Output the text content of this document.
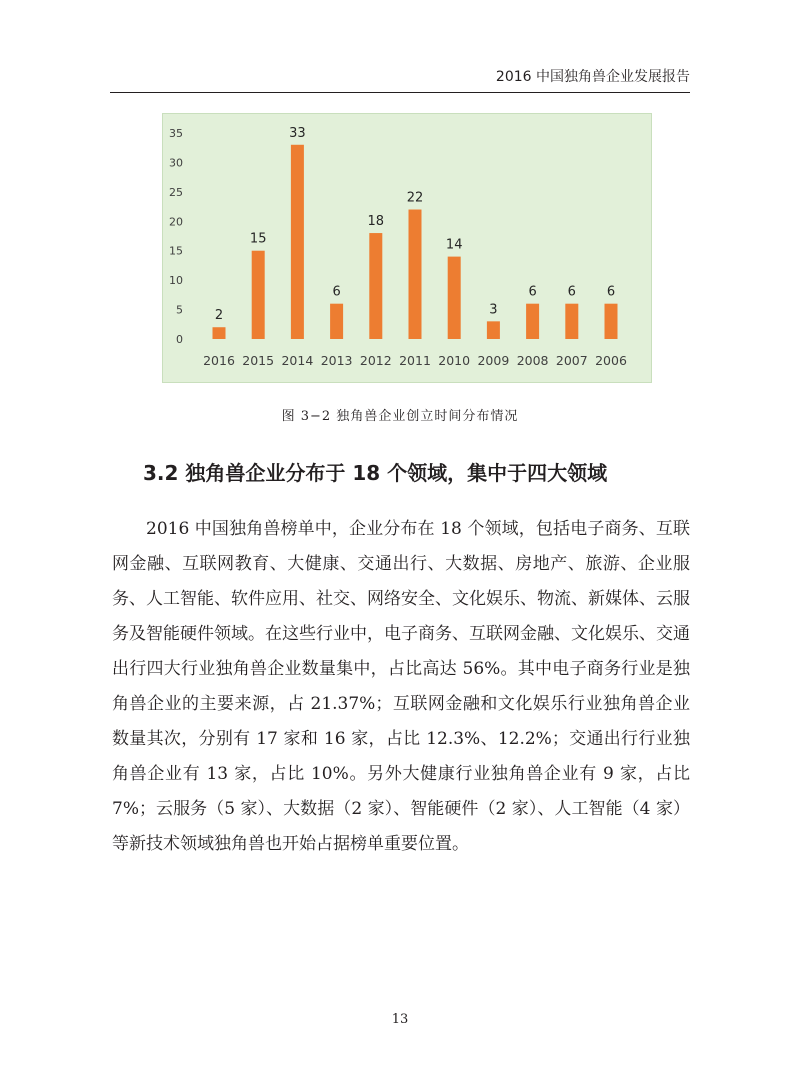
2016 中国独角兽企业发展报告
0
5
10
15
20
25
30
35
2
15
33
6
18
22
14
3
6 6 6
2016 2015 2014 2013 2012 2011 2010 2009 2008 2007 2006
图 3−2 独角兽企业创立时间分布情况
3.2 独角兽企业分布于 18 个领域，集中于四大领域

2016 中国独角兽榜单中，企业分布在 18 个领域，包括电子商务、互联网金融、互联网教育、大健康、交通出行、大数据、房地产、旅游、企业服务、人工智能、软件应用、社交、网络安全、文化娱乐、物流、新媒体、云服务及智能硬件领域。在这些行业中，电子商务、互联网金融、文化娱乐、交通出行四大行业独角兽企业数量集中，占比高达 56%。其中电子商务行业是独角兽企业的主要来源，占 21.37%；互联网金融和文化娱乐行业独角兽企业数量其次，分别有 17 家和 16 家，占比 12.3%、12.2%；交通出行行业独角兽企业有 13 家，占比 10%。另外大健康行业独角兽企业有 9 家，占比 7%；云服务（5 家）、大数据（2 家）、智能硬件（2 家）、人工智能（4 家）等新技术领域独角兽也开始占据榜单重要位置。

13
